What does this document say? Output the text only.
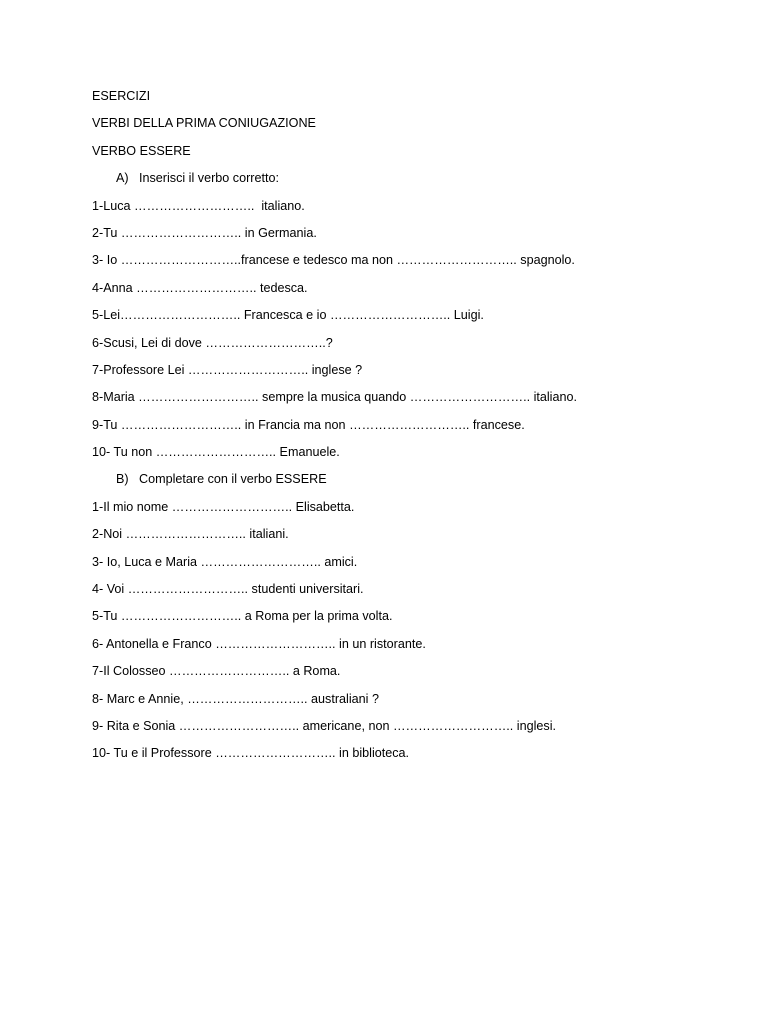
ESERCIZI
VERBI DELLA PRIMA CONIUGAZIONE
VERBO ESSERE
A) Inserisci il verbo corretto:
1-Luca ………………………..  italiano.
2-Tu ……………………….. in Germania.
3- Io ………………………..francese e tedesco ma non ……………………….. spagnolo.
4-Anna ……………………….. tedesca.
5-Lei……………………….. Francesca e io ……………………….. Luigi.
6-Scusi, Lei di dove ………………………..?
7-Professore Lei ……………………….. inglese ?
8-Maria ……………………….. sempre la musica quando ……………………….. italiano.
9-Tu ……………………….. in Francia ma non ……………………….. francese.
10- Tu non ……………………….. Emanuele.
B) Completare con il verbo ESSERE
1-Il mio nome ……………………….. Elisabetta.
2-Noi ……………………….. italiani.
3- Io, Luca e Maria ……………………….. amici.
4- Voi ……………………….. studenti universitari.
5-Tu ……………………….. a Roma per la prima volta.
6- Antonella e Franco ……………………….. in un ristorante.
7-Il Colosseo ……………………….. a Roma.
8- Marc e Annie, ……………………….. australiani ?
9- Rita e Sonia ……………………….. americane, non ……………………….. inglesi.
10- Tu e il Professore ……………………….. in biblioteca.
